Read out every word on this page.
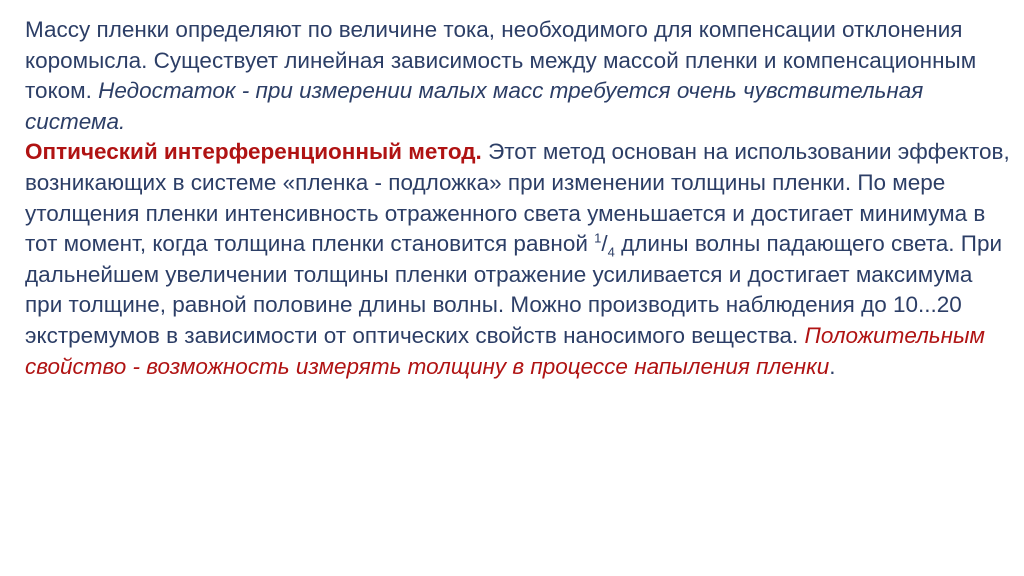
Массу пленки определяют по величине тока, необходимого для компенсации отклонения коромысла. Существует линейная зависимость между массой пленки и компенсационным током. Недостаток - при измерении малых масс требуется очень чувствительная система.

Оптический интерференционный метод. Этот метод основан на использовании эффектов, возникающих в системе «пленка - подложка» при изменении толщины пленки. По мере утолщения пленки интенсивность отраженного света уменьшается и достигает минимума в тот момент, когда толщина пленки становится равной $^1/_4$ длины волны падающего света. При дальнейшем увеличении толщины пленки отражение усиливается и достигает максимума при толщине, равной половине длины волны. Можно производить наблюдения до 10...20 экстремумов в зависимости от оптических свойств наносимого вещества. Положительным свойство - возможность измерять толщину в процессе напыления пленки.
